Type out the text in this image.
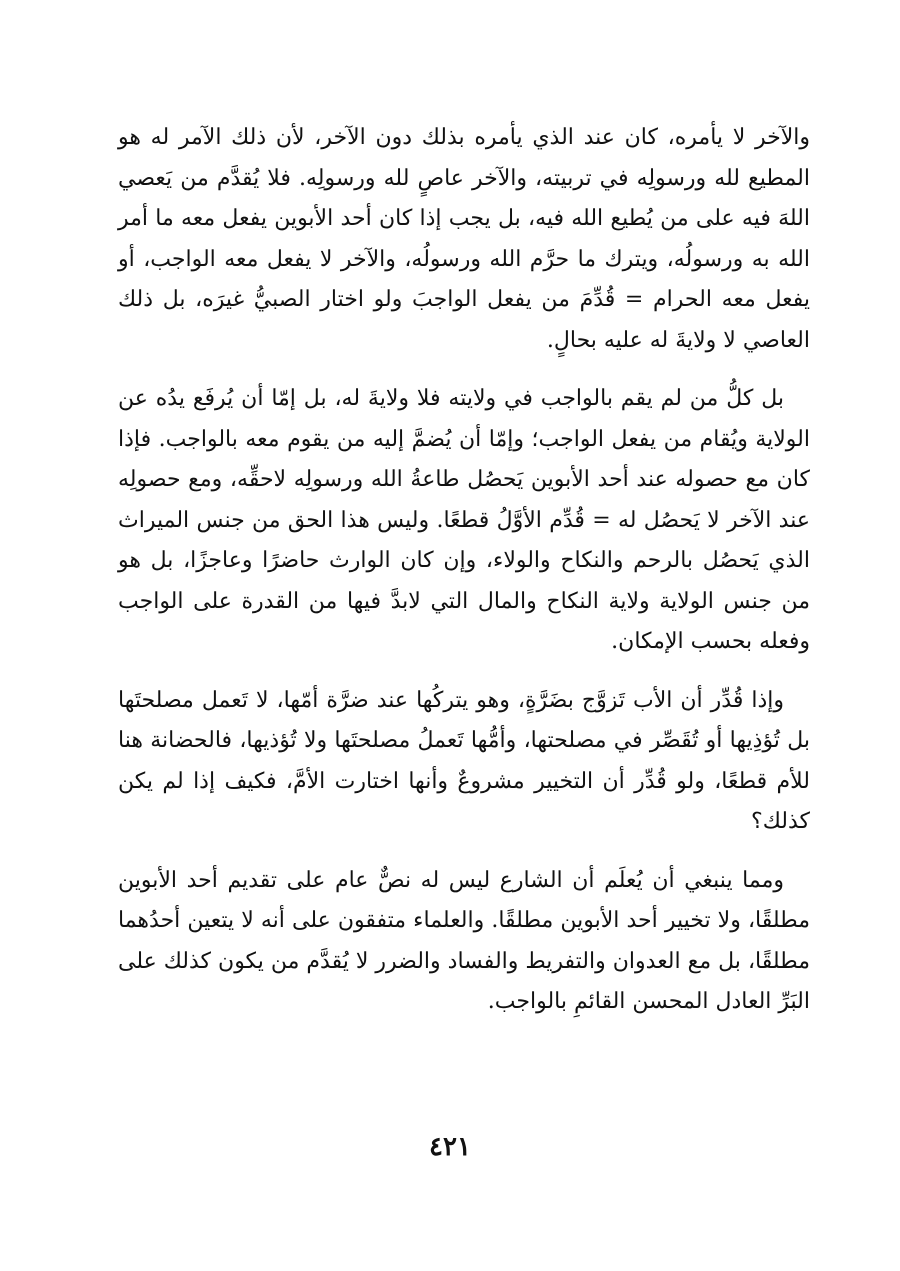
والآخر لا يأمره، كان عند الذي يأمره بذلك دون الآخر، لأن ذلك الآمر له هو المطيع لله ورسولِه في تربيته، والآخر عاصٍ لله ورسولِه. فلا يُقدَّم من يَعصي اللهَ فيه على من يُطيع الله فيه، بل يجب إذا كان أحد الأبوين يفعل معه ما أمر الله به ورسولُه، ويترك ما حرَّم الله ورسولُه، والآخر لا يفعل معه الواجب، أو يفعل معه الحرام = قُدِّمَ من يفعل الواجبَ ولو اختار الصبيُّ غيرَه، بل ذلك العاصي لا ولايةَ له عليه بحالٍ.

بل كلُّ من لم يقم بالواجب في ولايته فلا ولايةَ له، بل إمّا أن يُرفَع يدُه عن الولاية ويُقام من يفعل الواجب؛ وإمّا أن يُضمَّ إليه من يقوم معه بالواجب. فإذا كان مع حصوله عند أحد الأبوين يَحصُل طاعةُ الله ورسولِه لاحقِّه، ومع حصولِه عند الآخر لا يَحصُل له = قُدِّم الأوَّلُ قطعًا. وليس هذا الحق من جنس الميراث الذي يَحصُل بالرحم والنكاح والولاء، وإن كان الوارث حاضرًا وعاجزًا، بل هو من جنس الولاية ولاية النكاح والمال التي لابدَّ فيها من القدرة على الواجب وفعله بحسب الإمكان.

وإذا قُدِّر أن الأب تَزوَّج بضَرَّةٍ، وهو يتركُها عند ضرَّة أمّها، لا تَعمل مصلحتَها بل تُؤذِيها أو تُقَصِّر في مصلحتها، وأمُّها تَعملُ مصلحتَها ولا تُؤذيها، فالحضانة هنا للأم قطعًا، ولو قُدِّر أن التخيير مشروعٌ وأنها اختارت الأمَّ، فكيف إذا لم يكن كذلك؟

ومما ينبغي أن يُعلَم أن الشارع ليس له نصٌّ عام على تقديم أحد الأبوين مطلقًا، ولا تخيير أحد الأبوين مطلقًا. والعلماء متفقون على أنه لا يتعين أحدُهما مطلقًا، بل مع العدوان والتفريط والفساد والضرر لا يُقدَّم من يكون كذلك على البَرِّ العادل المحسن القائمِ بالواجب.

٤٢١
